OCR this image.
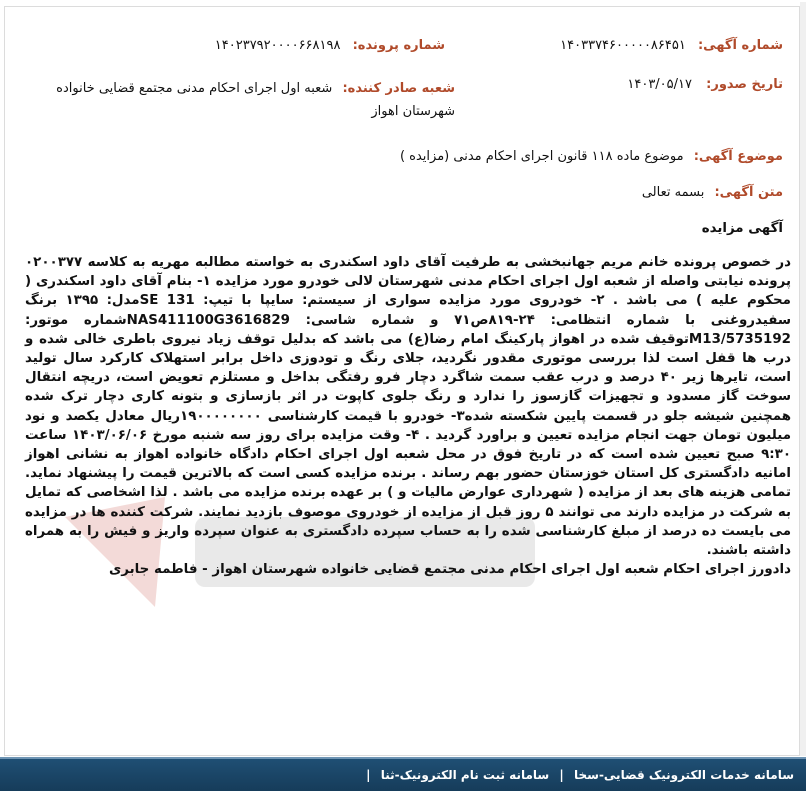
شماره آگهی: ۱۴۰۳۳۷۴۶۰۰۰۰۰۸۶۴۵۱
شماره پرونده: ۱۴۰۲۳۷۹۲۰۰۰۰۶۶۸۱۹۸
تاریخ صدور: ۱۴۰۳/۰۵/۱۷
شعبه صادر کننده: شعبه اول اجرای احکام مدنی مجتمع قضایی خانواده شهرستان اهواز
موضوع آگهی: موضوع ماده ۱۱۸ قانون اجرای احکام مدنی (مزایده )
متن آگهی: بسمه تعالی
آگهی مزایده

در خصوص پرونده خانم مریم جهانبخشی به طرفیت آقای داود اسکندری به خواسته مطالبه مهریه به کلاسه ۰۲۰۰۳۷۷ پرونده نیابتی واصله از شعبه اول اجرای احکام مدنی شهرستان لالی خودرو مورد مزایده ۱- بنام آقای داود اسکندری ( محکوم علیه ) می باشد . ۲- خودروی مورد مزایده سواری از سیستم: سایپا با تیپ: 131 SEمدل: ۱۳۹۵ برنگ سفیدروغنی با شماره انتظامی: ۲۴-۸۱۹ص۷۱ و شماره شاسی: NAS411100G3616829شماره موتور: M13/5735192توقیف شده در اهواز پارکینگ امام رضا(ع) می باشد که بدلیل توقف زیاد نیروی باطری خالی شده و درب ها قفل است لذا بررسی موتوری مقدور نگردید، جلای رنگ و تودوزی داخل برابر استهلاک کارکرد سال تولید است، تایرها زیر ۴۰ درصد و درب عقب سمت شاگرد دچار فرو رفتگی بداخل و مستلزم تعویض است، دریچه انتقال سوخت گاز مسدود و تجهیزات گازسوز را ندارد و رنگ جلوی کاپوت در اثر بازسازی و بتونه کاری دچار ترک شده همچنین شیشه جلو در قسمت پایین شکسته شده۳- خودرو با قیمت کارشناسی ۱۹۰۰۰۰۰۰۰۰ریال معادل یکصد و نود میلیون تومان جهت انجام مزایده تعیین و براورد گردید . ۴- وقت مزایده برای روز سه شنبه مورخ ۱۴۰۳/۰۶/۰۶ ساعت ۹:۳۰ صبح تعیین شده است که در تاریخ فوق در محل شعبه اول اجرای احکام دادگاه خانواده اهواز به نشانی اهواز امانیه دادگستری کل استان خوزستان حضور بهم رساند . برنده مزایده کسی است که بالاترین قیمت را پیشنهاد نماید. تمامی هزینه های بعد از مزایده ( شهرداری عوارض مالیات و ) بر عهده برنده مزایده می باشد . لذا اشخاصی که تمایل به شرکت در مزایده دارند می توانند ۵ روز قبل از مزایده از خودروی موصوف بازدید نمایند. شرکت کننده ها در مزایده می بایست ده درصد از مبلغ کارشناسی شده را به حساب سپرده دادگستری به عنوان سپرده واریز و فیش را به همراه داشته باشند.

دادورز اجرای احکام شعبه اول اجرای احکام مدنی مجتمع قضایی خانواده شهرستان اهواز - فاطمه جابری

سامانه خدمات الکترونیک قضایی-سخا | سامانه ثبت نام الکترونیک-ثنا |
